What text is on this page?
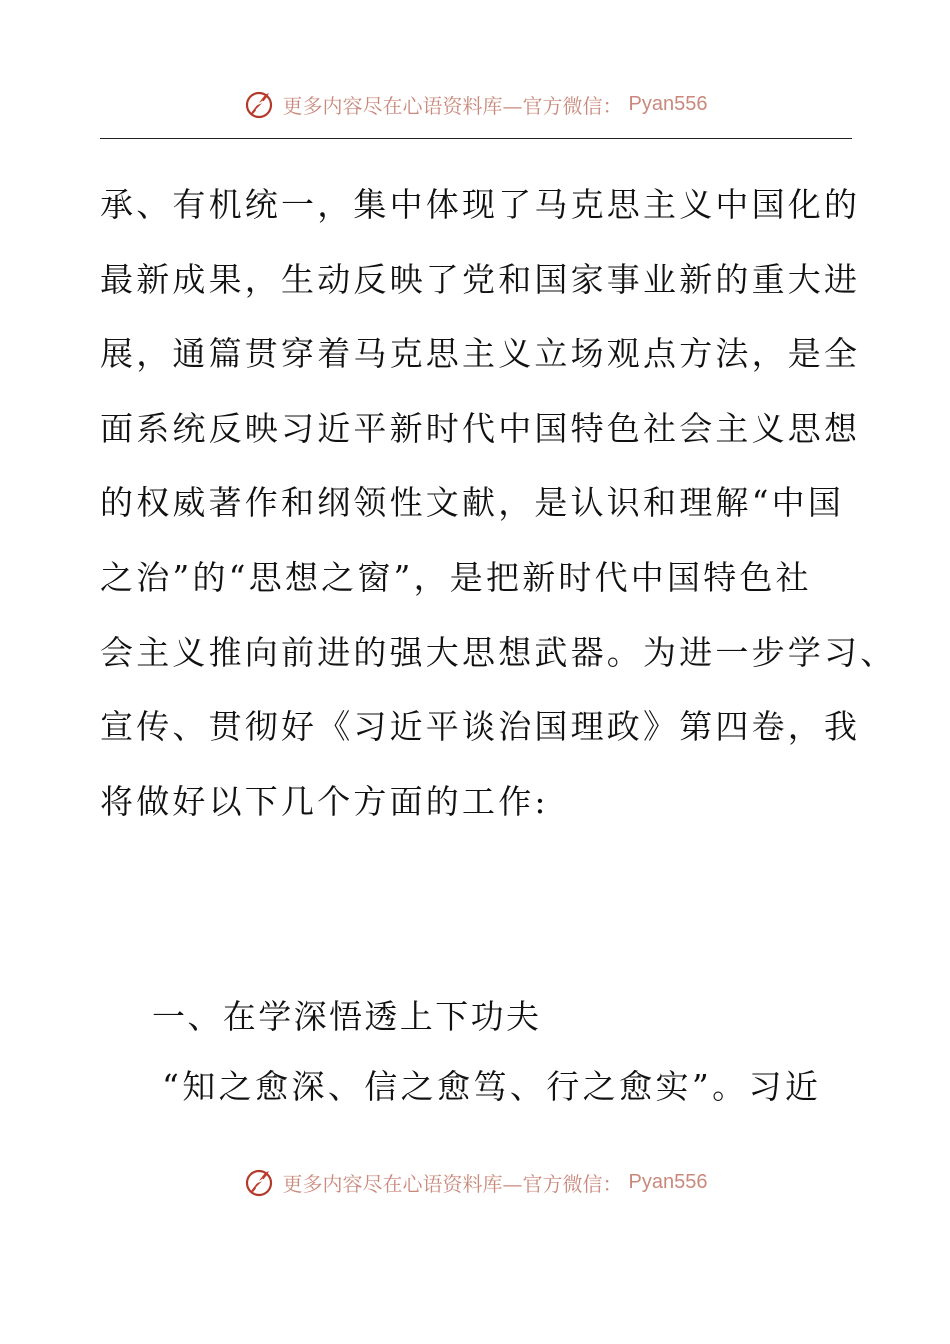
更多内容尽在心语资料库—官方微信： Pyan556
承、有机统一，集中体现了马克思主义中国化的
最新成果，生动反映了党和国家事业新的重大进
展，通篇贯穿着马克思主义立场观点方法，是全
面系统反映习近平新时代中国特色社会主义思想
的权威著作和纲领性文献，是认识和理解“中国
之治”的“思想之窗”，是把新时代中国特色社
会主义推向前进的强大思想武器。为进一步学习、
宣传、贯彻好《习近平谈治国理政》第四卷，我
将做好以下几个方面的工作:
一、在学深悟透上下功夫
“知之愈深、信之愈笃、行之愈实”。习近
更多内容尽在心语资料库—官方微信： Pyan556
